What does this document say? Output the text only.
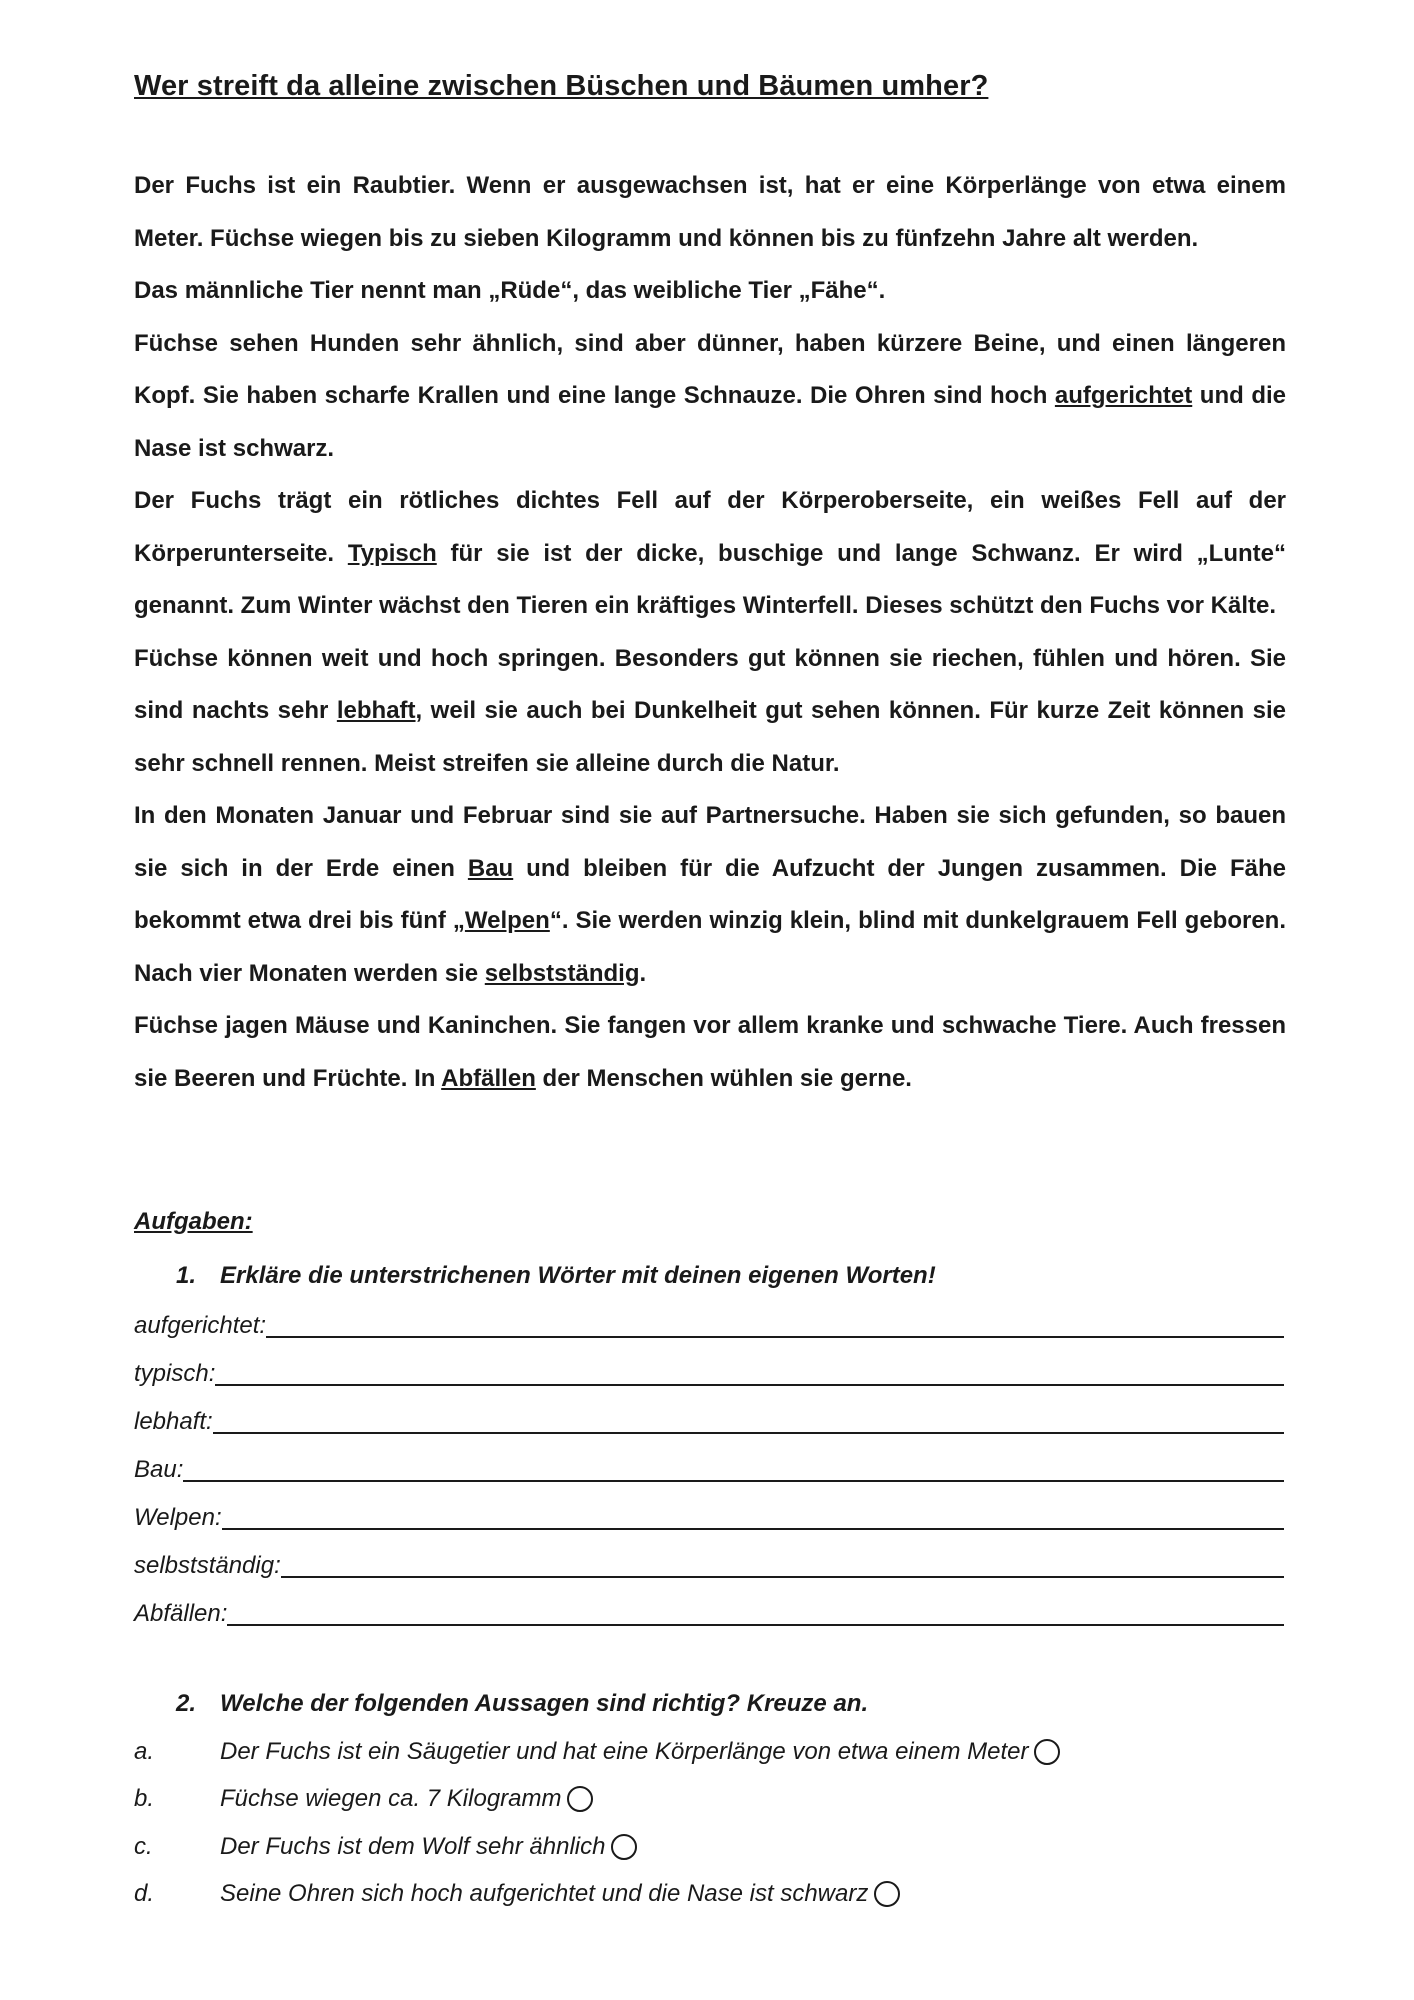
Wer streift da alleine zwischen Büschen und Bäumen umher?

Der Fuchs ist ein Raubtier. Wenn er ausgewachsen ist, hat er eine Körperlänge von etwa einem Meter. Füchse wiegen bis zu sieben Kilogramm und können bis zu fünfzehn Jahre alt werden.

Das männliche Tier nennt man „Rüde“, das weibliche Tier „Fähe“.

Füchse sehen Hunden sehr ähnlich, sind aber dünner, haben kürzere Beine, und einen längeren Kopf. Sie haben scharfe Krallen und eine lange Schnauze. Die Ohren sind hoch aufgerichtet und die Nase ist schwarz.

Der Fuchs trägt ein rötliches dichtes Fell auf der Körperoberseite, ein weißes Fell auf der Körperunterseite. Typisch für sie ist der dicke, buschige und lange Schwanz. Er wird „Lunte“ genannt. Zum Winter wächst den Tieren ein kräftiges Winterfell. Dieses schützt den Fuchs vor Kälte.

Füchse können weit und hoch springen. Besonders gut können sie riechen, fühlen und hören. Sie sind nachts sehr lebhaft, weil sie auch bei Dunkelheit gut sehen können. Für kurze Zeit können sie sehr schnell rennen. Meist streifen sie alleine durch die Natur.

In den Monaten Januar und Februar sind sie auf Partnersuche. Haben sie sich gefunden, so bauen sie sich in der Erde einen Bau und bleiben für die Aufzucht der Jungen zusammen. Die Fähe bekommt etwa drei bis fünf „Welpen“. Sie werden winzig klein, blind mit dunkelgrauem Fell geboren. Nach vier Monaten werden sie selbstständig.

Füchse jagen Mäuse und Kaninchen. Sie fangen vor allem kranke und schwache Tiere. Auch fressen sie Beeren und Früchte. In Abfällen der Menschen wühlen sie gerne.

Aufgaben:
1. Erkläre die unterstrichenen Wörter mit deinen eigenen Worten!
aufgerichtet:
typisch:
lebhaft:
Bau:
Welpen:
selbstständig:
Abfällen:
2. Welche der folgenden Aussagen sind richtig? Kreuze an.
a.	Der Fuchs ist ein Säugetier und hat eine Körperlänge von etwa einem Meter
b.	Füchse wiegen ca. 7 Kilogramm
c.	Der Fuchs ist dem Wolf sehr ähnlich
d.	Seine Ohren sich hoch aufgerichtet und die Nase ist schwarz
